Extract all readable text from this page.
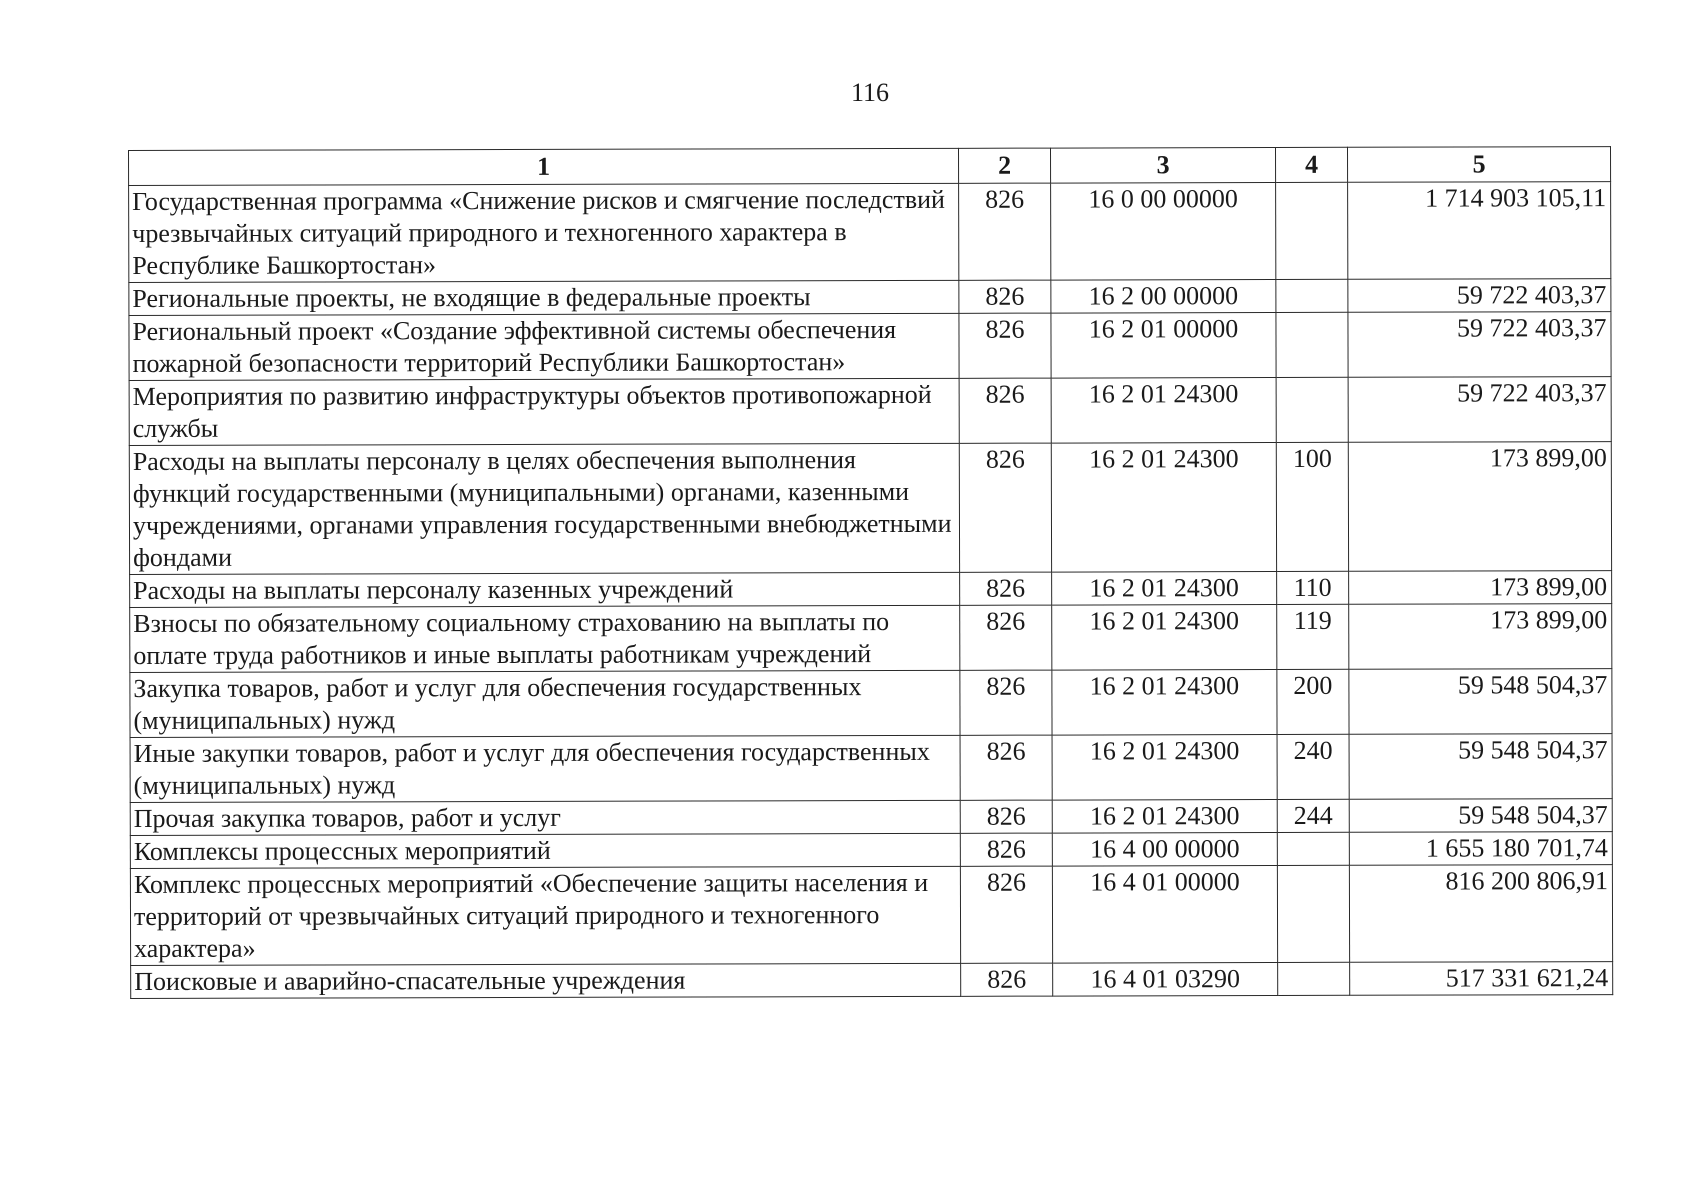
116
1	2	3	4	5
Государственная программа «Снижение рисков и смягчение последствий чрезвычайных ситуаций природного и техногенного характера в Республике Башкортостан»	826	16 0 00 00000		1 714 903 105,11
Региональные проекты, не входящие в федеральные проекты	826	16 2 00 00000		59 722 403,37
Региональный проект «Создание эффективной системы обеспечения пожарной безопасности территорий Республики Башкортостан»	826	16 2 01 00000		59 722 403,37
Мероприятия по развитию инфраструктуры объектов противопожарной службы	826	16 2 01 24300		59 722 403,37
Расходы на выплаты персоналу в целях обеспечения выполнения функций государственными (муниципальными) органами, казенными учреждениями, органами управления государственными внебюджетными фондами	826	16 2 01 24300	100	173 899,00
Расходы на выплаты персоналу казенных учреждений	826	16 2 01 24300	110	173 899,00
Взносы по обязательному социальному страхованию на выплаты по оплате труда работников и иные выплаты работникам учреждений	826	16 2 01 24300	119	173 899,00
Закупка товаров, работ и услуг для обеспечения государственных (муниципальных) нужд	826	16 2 01 24300	200	59 548 504,37
Иные закупки товаров, работ и услуг для обеспечения государственных (муниципальных) нужд	826	16 2 01 24300	240	59 548 504,37
Прочая закупка товаров, работ и услуг	826	16 2 01 24300	244	59 548 504,37
Комплексы процессных мероприятий	826	16 4 00 00000		1 655 180 701,74
Комплекс процессных мероприятий «Обеспечение защиты населения и территорий от чрезвычайных ситуаций природного и техногенного характера»	826	16 4 01 00000		816 200 806,91
Поисковые и аварийно-спасательные учреждения	826	16 4 01 03290		517 331 621,24
